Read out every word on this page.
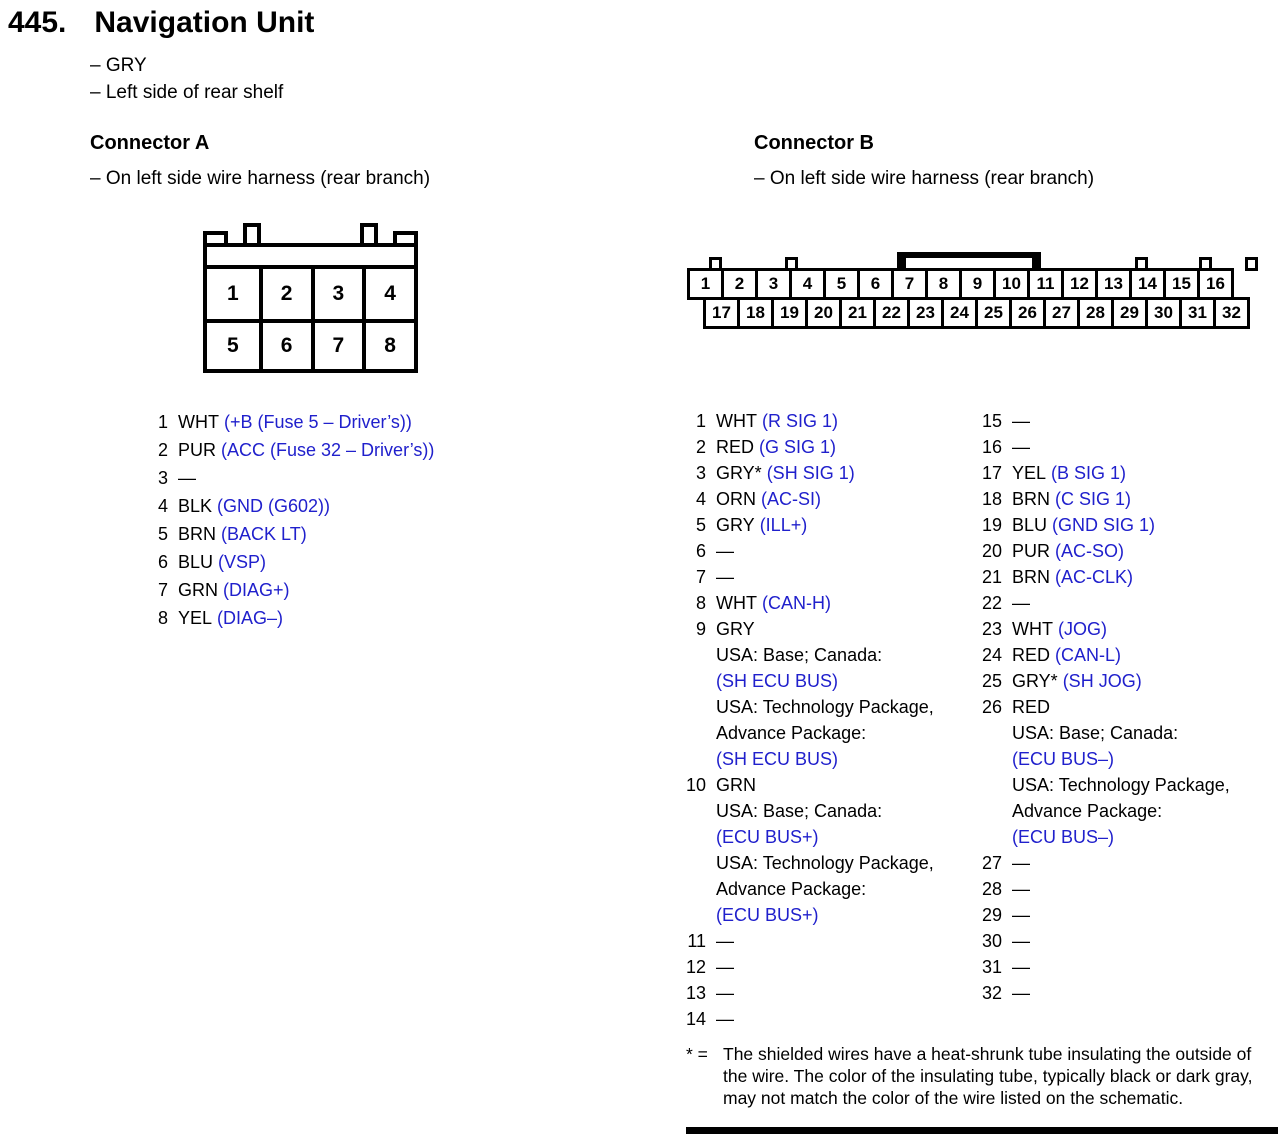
445. Navigation Unit
– GRY
– Left side of rear shelf
Connector A
– On left side wire harness (rear branch)
Connector B
– On left side wire harness (rear branch)
1	2	3	4
5	6	7	8
1	2	3	4	5	6	7	8	9	10 11 12 13 14 15 16
17 18 19 20 21 22 23 24 25 26 27 28 29 30 31 32
1 WHT (+B (Fuse 5 – Driver’s))
2 PUR (ACC (Fuse 32 – Driver’s))
3 —
4 BLK (GND (G602))
5 BRN (BACK LT)
6 BLU (VSP)
7 GRN (DIAG+)
8 YEL (DIAG–)
1 WHT (R SIG 1)
2 RED (G SIG 1)
3 GRY* (SH SIG 1)
4 ORN (AC-SI)
5 GRY (ILL+)
6 —
7 —
8 WHT (CAN-H)
9 GRY
USA: Base; Canada:
(SH ECU BUS)
USA: Technology Package,
Advance Package:
(SH ECU BUS)
10 GRN
USA: Base; Canada:
(ECU BUS+)
USA: Technology Package,
Advance Package:
(ECU BUS+)
11 —
12 —
13 —
14 —
15 —
16 —
17 YEL (B SIG 1)
18 BRN (C SIG 1)
19 BLU (GND SIG 1)
20 PUR (AC-SO)
21 BRN (AC-CLK)
22 —
23 WHT (JOG)
24 RED (CAN-L)
25 GRY* (SH JOG)
26 RED
USA: Base; Canada:
(ECU BUS–)
USA: Technology Package,
Advance Package:
(ECU BUS–)
27 —
28 —
29 —
30 —
31 —
32 —
* = The shielded wires have a heat-shrunk tube insulating the outside of the wire. The color of the insulating tube, typically black or dark gray, may not match the color of the wire listed on the schematic.
